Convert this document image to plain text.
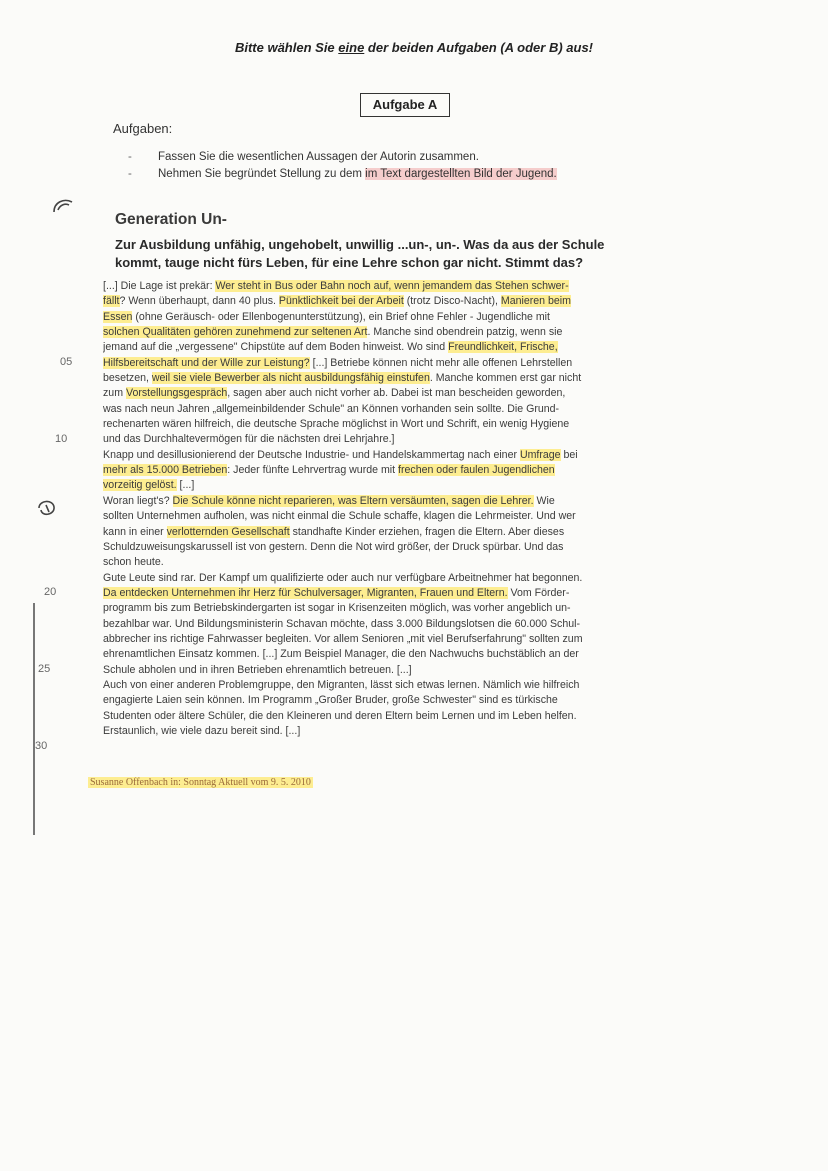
Bitte wählen Sie eine der beiden Aufgaben (A oder B) aus!
Aufgabe A
Aufgaben:
- Fassen Sie die wesentlichen Aussagen der Autorin zusammen.
- Nehmen Sie begründet Stellung zu dem im Text dargestellten Bild der Jugend.
Generation Un-
Zur Ausbildung unfähig, ungehobelt, unwillig ...un-, un-. Was da aus der Schule
kommt, tauge nicht fürs Leben, für eine Lehre schon gar nicht. Stimmt das?
[...] Die Lage ist prekär: Wer steht in Bus oder Bahn noch auf, wenn jemandem das Stehen schwer-
fällt? Wenn überhaupt, dann 40 plus. Pünktlichkeit bei der Arbeit (trotz Disco-Nacht), Manieren beim
Essen (ohne Geräusch- oder Ellenbogenunterstützung), ein Brief ohne Fehler - Jugendliche mit
solchen Qualitäten gehören zunehmend zur seltenen Art. Manche sind obendrein patzig, wenn sie
jemand auf die „vergessene" Chipstüte auf dem Boden hinweist. Wo sind Freundlichkeit, Frische,
Hilfsbereitschaft und der Wille zur Leistung? [...] Betriebe können nicht mehr alle offenen Lehrstellen
besetzen, weil sie viele Bewerber als nicht ausbildungsfähig einstufen. Manche kommen erst gar nicht
zum Vorstellungsgespräch, sagen aber auch nicht vorher ab. Dabei ist man bescheiden geworden,
was nach neun Jahren „allgemeinbildender Schule" an Können vorhanden sein sollte. Die Grund-
rechenarten wären hilfreich, die deutsche Sprache möglichst in Wort und Schrift, ein wenig Hygiene
und das Durchhaltevermögen für die nächsten drei Lehrjahre.]
Knapp und desillusionierend der Deutsche Industrie- und Handelskammertag nach einer Umfrage bei
mehr als 15.000 Betrieben: Jeder fünfte Lehrvertrag wurde mit frechen oder faulen Jugendlichen
vorzeitig gelöst. [...]
Woran liegt's? Die Schule könne nicht reparieren, was Eltern versäumten, sagen die Lehrer. Wie
sollten Unternehmen aufholen, was nicht einmal die Schule schaffe, klagen die Lehrmeister. Und wer
kann in einer verlotternden Gesellschaft standhafte Kinder erziehen, fragen die Eltern. Aber dieses
Schuldzuweisungskarussell ist von gestern. Denn die Not wird größer, der Druck spürbar. Und das
schon heute.
Gute Leute sind rar. Der Kampf um qualifizierte oder auch nur verfügbare Arbeitnehmer hat begonnen.
Da entdecken Unternehmen ihr Herz für Schulversager, Migranten, Frauen und Eltern. Vom Förder-
programm bis zum Betriebskindergarten ist sogar in Krisenzeiten möglich, was vorher angeblich un-
bezahlbar war. Und Bildungsministerin Schavan möchte, dass 3.000 Bildungslotsen die 60.000 Schul-
abbrecher ins richtige Fahrwasser begleiten. Vor allem Senioren „mit viel Berufserfahrung" sollten zum
ehrenamtlichen Einsatz kommen. [...] Zum Beispiel Manager, die den Nachwuchs buchstäblich an der
Schule abholen und in ihren Betrieben ehrenamtlich betreuen. [...]
Auch von einer anderen Problemgruppe, den Migranten, lässt sich etwas lernen. Nämlich wie hilfreich
engagierte Laien sein können. Im Programm „Großer Bruder, große Schwester" sind es türkische
Studenten oder ältere Schüler, die den Kleineren und deren Eltern beim Lernen und im Leben helfen.
Erstaunlich, wie viele dazu bereit sind. [...]
05
10
20
25
30
Susanne Offenbach in: Sonntag Aktuell vom 9. 5. 2010
